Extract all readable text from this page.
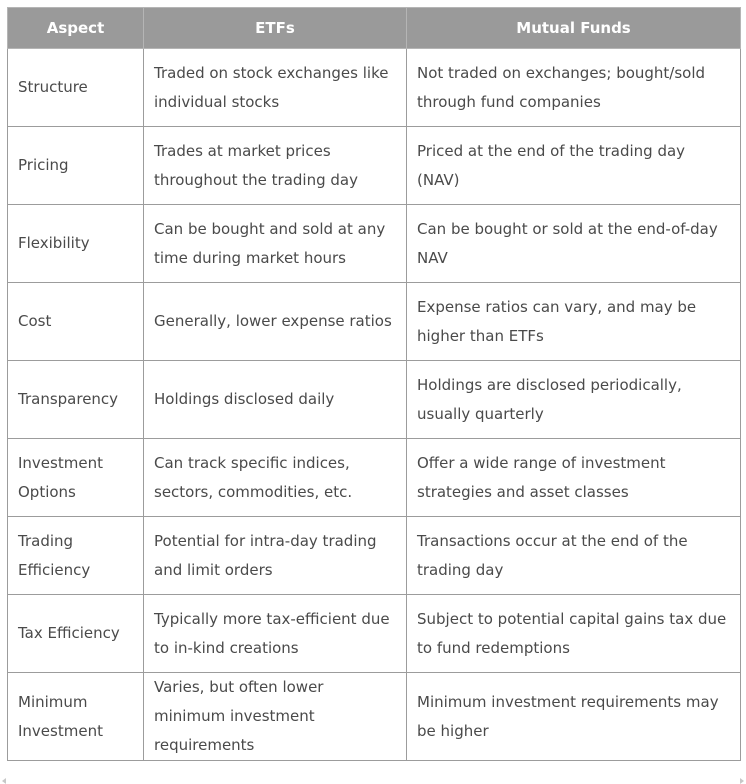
Aspect	ETFs	Mutual Funds
Structure	Traded on stock exchanges like individual stocks	Not traded on exchanges; bought/sold through fund companies
Pricing	Trades at market prices throughout the trading day	Priced at the end of the trading day (NAV)
Flexibility	Can be bought and sold at any time during market hours	Can be bought or sold at the end-of-day NAV
Cost	Generally, lower expense ratios	Expense ratios can vary, and may be higher than ETFs
Transparency	Holdings disclosed daily	Holdings are disclosed periodically, usually quarterly
Investment Options	Can track specific indices, sectors, commodities, etc.	Offer a wide range of investment strategies and asset classes
Trading Efficiency	Potential for intra-day trading and limit orders	Transactions occur at the end of the trading day
Tax Efficiency	Typically more tax-efficient due to in-kind creations	Subject to potential capital gains tax due to fund redemptions
Minimum Investment	Varies, but often lower minimum investment requirements	Minimum investment requirements may be higher
